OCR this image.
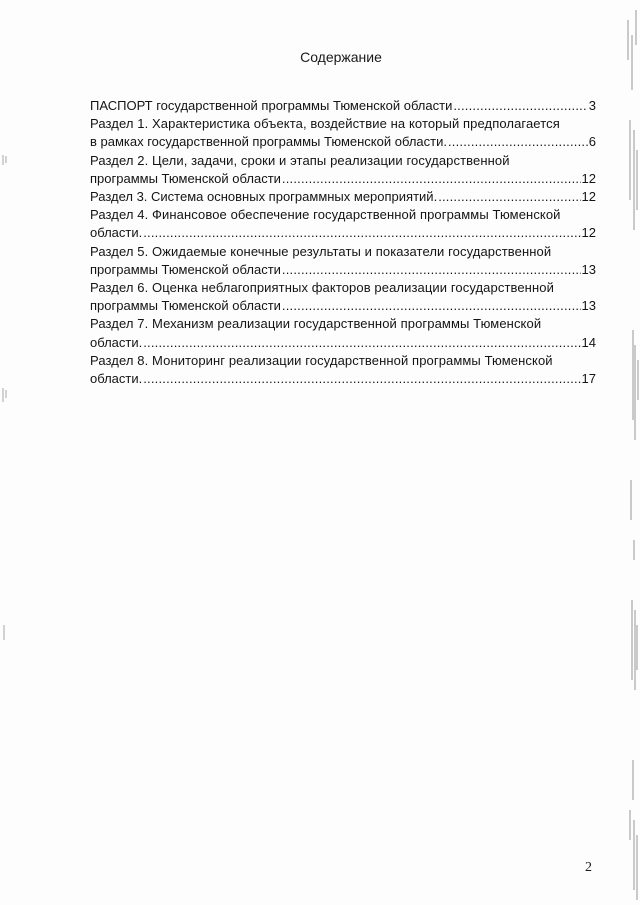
Содержание
ПАСПОРТ государственной программы Тюменской области .....	3
Раздел 1. Характеристика объекта, воздействие на который предполагается
в рамках государственной программы Тюменской области. .....	6
Раздел 2. Цели, задачи, сроки и этапы реализации государственной
программы Тюменской области .....	12
Раздел 3. Система основных программных мероприятий. .....	12
Раздел 4. Финансовое обеспечение государственной программы Тюменской
области. .....	12
Раздел 5. Ожидаемые конечные результаты и показатели государственной
программы Тюменской области .....	13
Раздел 6. Оценка неблагоприятных факторов реализации государственной
программы Тюменской области .....	13
Раздел 7. Механизм реализации государственной программы Тюменской
области. .....	14
Раздел 8. Мониторинг реализации государственной программы Тюменской
области. .....	17
2
